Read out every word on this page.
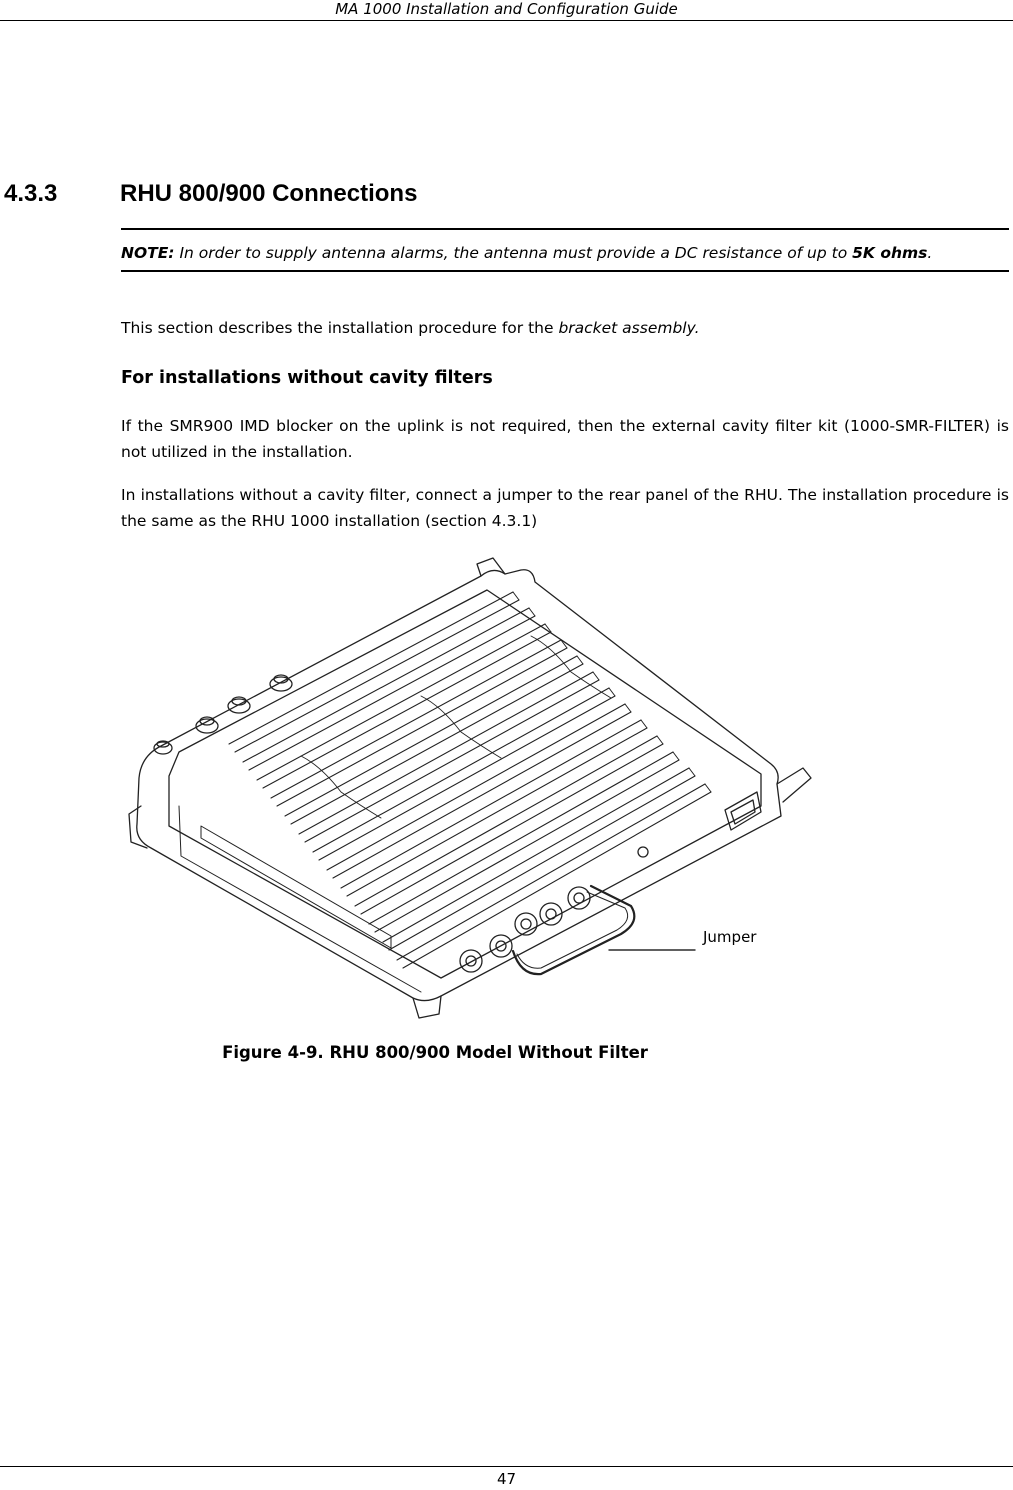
MA 1000 Installation and Configuration Guide
4.3.3	RHU 800/900 Connections
NOTE: In order to supply antenna alarms, the antenna must provide a DC resistance of up to 5K ohms.
This section describes the installation procedure for the bracket assembly.
For installations without cavity filters
If the SMR900 IMD blocker on the uplink is not required, then the external cavity filter kit (1000-SMR-FILTER) is not utilized in the installation.
In installations without a cavity filter, connect a jumper to the rear panel of the RHU. The installation procedure is the same as the RHU 1000 installation (section 4.3.1)
Jumper
Figure 4-9. RHU 800/900 Model Without Filter
47
